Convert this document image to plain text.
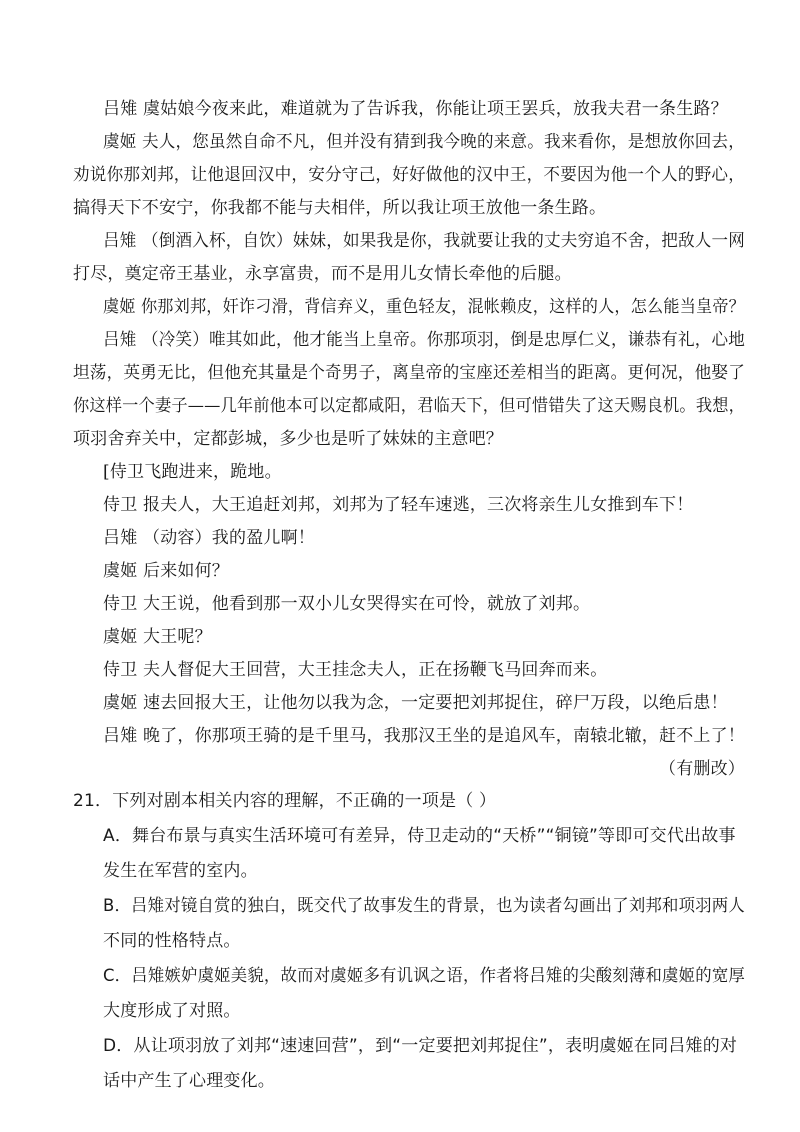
吕雉 虞姑娘今夜来此，难道就为了告诉我，你能让项王罢兵，放我夫君一条生路？
虞姬 夫人，您虽然自命不凡，但并没有猜到我今晚的来意。我来看你，是想放你回去，
劝说你那刘邦，让他退回汉中，安分守己，好好做他的汉中王，不要因为他一个人的野心，
搞得天下不安宁，你我都不能与夫相伴，所以我让项王放他一条生路。
吕雉 （倒酒入杯，自饮）妹妹，如果我是你，我就要让我的丈夫穷追不舍，把敌人一网
打尽，奠定帝王基业，永享富贵，而不是用儿女情长牵他的后腿。
虞姬 你那刘邦，奸诈刁滑，背信弃义，重色轻友，混帐赖皮，这样的人，怎么能当皇帝？
吕雉 （冷笑）唯其如此，他才能当上皇帝。你那项羽，倒是忠厚仁义，谦恭有礼，心地
坦荡，英勇无比，但他充其量是个奇男子，离皇帝的宝座还差相当的距离。更何况，他娶了
你这样一个妻子——几年前他本可以定都咸阳，君临天下，但可惜错失了这天赐良机。我想，
项羽舍弃关中，定都彭城，多少也是听了妹妹的主意吧？
[侍卫飞跑进来，跪地。
侍卫 报夫人，大王追赶刘邦，刘邦为了轻车速逃，三次将亲生儿女推到车下！
吕雉 （动容）我的盈儿啊！
虞姬 后来如何？
侍卫 大王说，他看到那一双小儿女哭得实在可怜，就放了刘邦。
虞姬 大王呢？
侍卫 夫人督促大王回营，大王挂念夫人，正在扬鞭飞马回奔而来。
虞姬 速去回报大王，让他勿以我为念，一定要把刘邦捉住，碎尸万段，以绝后患！
吕雉 晚了，你那项王骑的是千里马，我那汉王坐的是追风车，南辕北辙，赶不上了！
（有删改）
21．下列对剧本相关内容的理解，不正确的一项是（ ）
A．舞台布景与真实生活环境可有差异，侍卫走动的“天桥”“铜镜”等即可交代出故事
发生在军营的室内。
B．吕雉对镜自赏的独白，既交代了故事发生的背景，也为读者勾画出了刘邦和项羽两人
不同的性格特点。
C．吕雉嫉妒虞姬美貌，故而对虞姬多有讥讽之语，作者将吕雉的尖酸刻薄和虞姬的宽厚
大度形成了对照。
D．从让项羽放了刘邦“速速回营”，到“一定要把刘邦捉住”，表明虞姬在同吕雉的对
话中产生了心理变化。
